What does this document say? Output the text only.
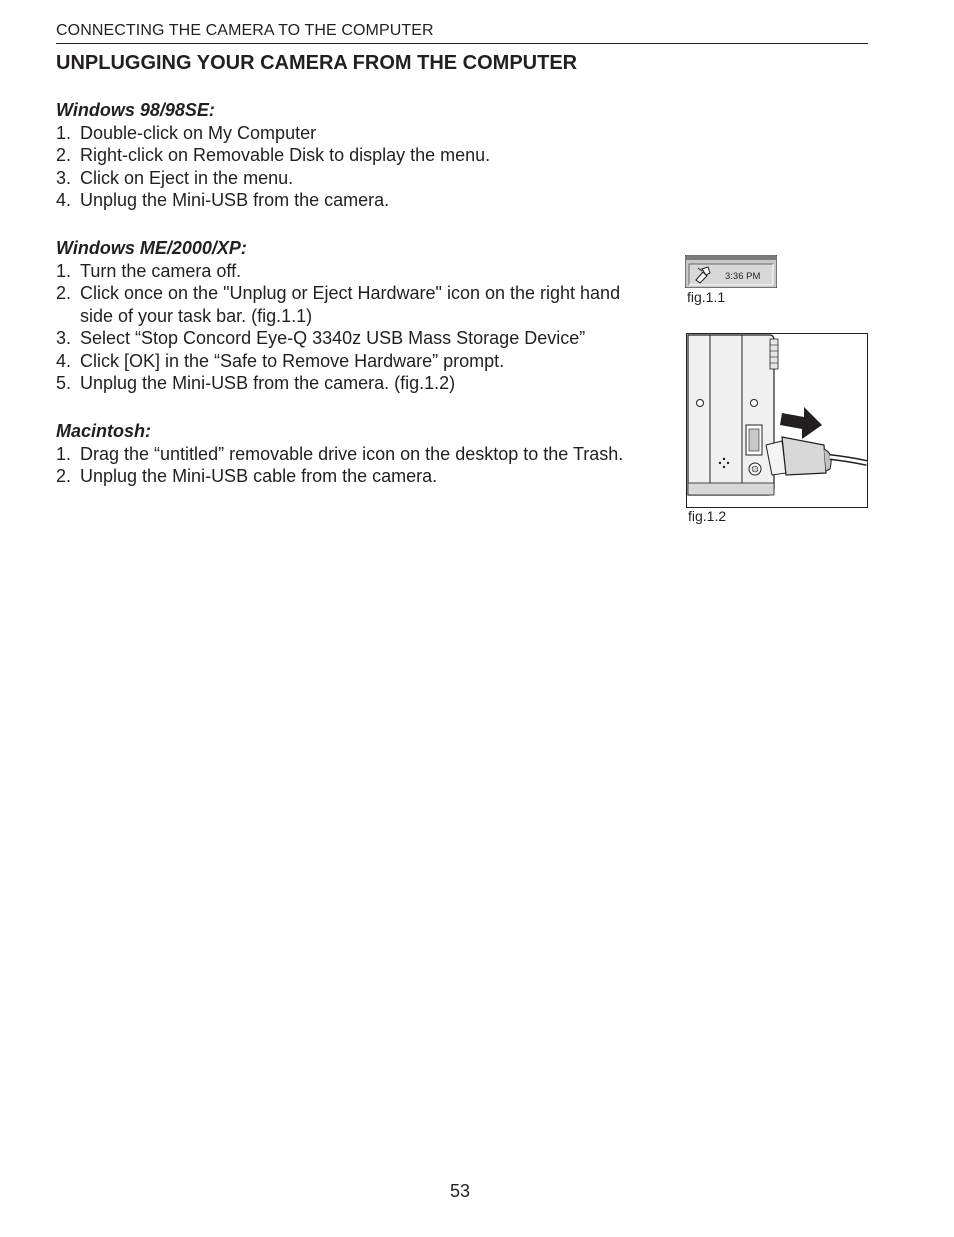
CONNECTING THE CAMERA TO THE COMPUTER
UNPLUGGING YOUR CAMERA FROM THE COMPUTER
Windows 98/98SE:
1. Double-click on My Computer
2. Right-click on Removable Disk to display the menu.
3. Click on Eject in the menu.
4. Unplug the Mini-USB from the camera.
Windows ME/2000/XP:
1. Turn the camera off.
2. Click once on the "Unplug or Eject Hardware" icon on the right hand side of your task bar. (fig.1.1)
3. Select “Stop Concord Eye-Q 3340z USB Mass Storage Device”
4. Click [OK] in the “Safe to Remove Hardware” prompt.
5. Unplug the Mini-USB from the camera. (fig.1.2)
Macintosh:
1. Drag the “untitled” removable drive icon on the desktop to the Trash.
2. Unplug the Mini-USB cable from the camera.
3:36 PM
fig.1.1
fig.1.2
53
